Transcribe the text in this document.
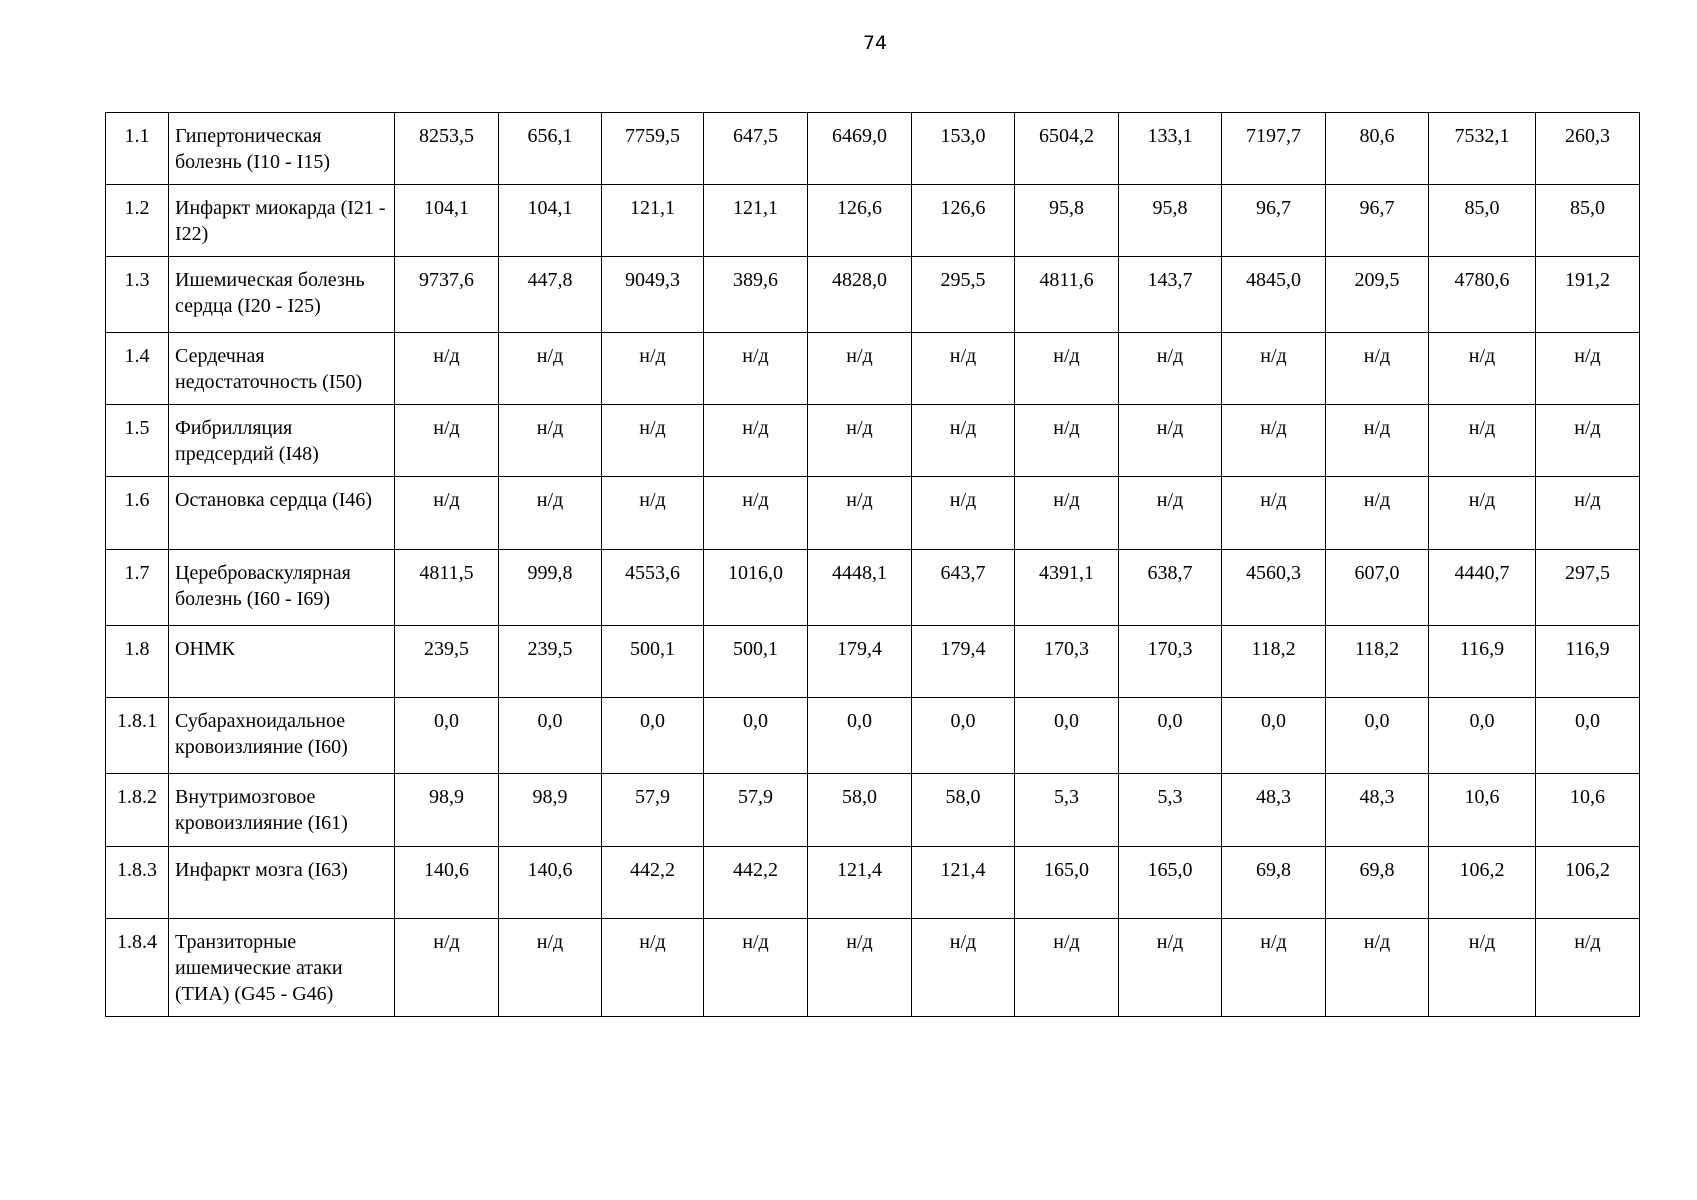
74
1.1	Гипертоническая болезнь (I10 - I15)	8253,5	656,1	7759,5	647,5	6469,0	153,0	6504,2	133,1	7197,7	80,6	7532,1	260,3
1.2	Инфаркт миокарда (I21 - I22)	104,1	104,1	121,1	121,1	126,6	126,6	95,8	95,8	96,7	96,7	85,0	85,0
1.3	Ишемическая болезнь сердца (I20 - I25)	9737,6	447,8	9049,3	389,6	4828,0	295,5	4811,6	143,7	4845,0	209,5	4780,6	191,2
1.4	Сердечная недостаточность (I50)	н/д	н/д	н/д	н/д	н/д	н/д	н/д	н/д	н/д	н/д	н/д	н/д
1.5	Фибрилляция предсердий (I48)	н/д	н/д	н/д	н/д	н/д	н/д	н/д	н/д	н/д	н/д	н/д	н/д
1.6	Остановка сердца (I46)	н/д	н/д	н/д	н/д	н/д	н/д	н/д	н/д	н/д	н/д	н/д	н/д
1.7	Цереброваскулярная болезнь (I60 - I69)	4811,5	999,8	4553,6	1016,0	4448,1	643,7	4391,1	638,7	4560,3	607,0	4440,7	297,5
1.8	ОНМК	239,5	239,5	500,1	500,1	179,4	179,4	170,3	170,3	118,2	118,2	116,9	116,9
1.8.1	Субарахноидальное кровоизлияние (I60)	0,0	0,0	0,0	0,0	0,0	0,0	0,0	0,0	0,0	0,0	0,0	0,0
1.8.2	Внутримозговое кровоизлияние (I61)	98,9	98,9	57,9	57,9	58,0	58,0	5,3	5,3	48,3	48,3	10,6	10,6
1.8.3	Инфаркт мозга (I63)	140,6	140,6	442,2	442,2	121,4	121,4	165,0	165,0	69,8	69,8	106,2	106,2
1.8.4	Транзиторные ишемические атаки (ТИА) (G45 - G46)	н/д	н/д	н/д	н/д	н/д	н/д	н/д	н/д	н/д	н/д	н/д	н/д
